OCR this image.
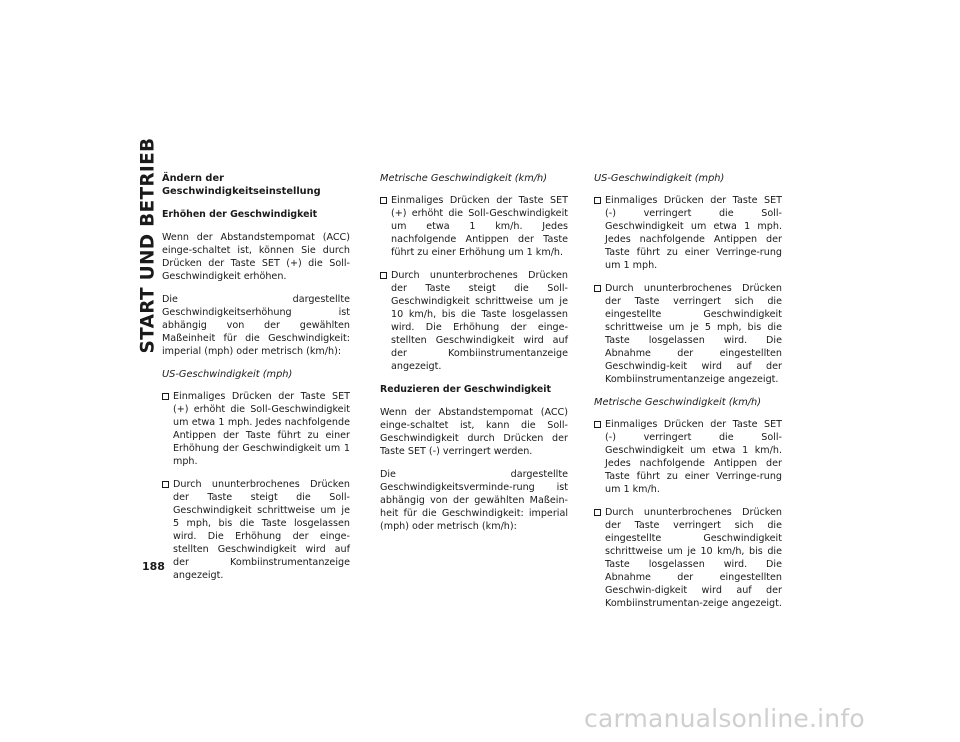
START UND BETRIEB Ändern der Geschwindigkeitseinstellung
Erhöhen der Geschwindigkeit

Wenn der Abstandstempomat (ACC) einge-schaltet ist, können Sie durch Drücken der Taste SET (+) die Soll-Geschwindigkeit erhöhen.

Die dargestellte Geschwindigkeitserhöhung ist abhängig von der gewählten Maßeinheit für die Geschwindigkeit: imperial (mph) oder metrisch (km/h):

US-Geschwindigkeit (mph)
Einmaliges Drücken der Taste SET (+) erhöht die Soll-Geschwindigkeit um etwa 1 mph. Jedes nachfolgende Antippen der Taste führt zu einer Erhöhung der Geschwindigkeit um 1 mph.
Durch ununterbrochenes Drücken der Taste steigt die Soll-Geschwindigkeit schrittweise um je 5 mph, bis die Taste losgelassen wird. Die Erhöhung der einge-stellten Geschwindigkeit wird auf der Kombiinstrumentanzeige angezeigt.
Metrische Geschwindigkeit (km/h)
Einmaliges Drücken der Taste SET (+) erhöht die Soll-Geschwindigkeit um etwa 1 km/h. Jedes nachfolgende Antippen der Taste führt zu einer Erhöhung um 1 km/h.
Durch ununterbrochenes Drücken der Taste steigt die Soll-Geschwindigkeit schrittweise um je 10 km/h, bis die Taste losgelassen wird. Die Erhöhung der einge-stellten Geschwindigkeit wird auf der Kombiinstrumentanzeige angezeigt.
Reduzieren der Geschwindigkeit

Wenn der Abstandstempomat (ACC) einge-schaltet ist, kann die Soll-Geschwindigkeit durch Drücken der Taste SET (-) verringert werden.

Die dargestellte Geschwindigkeitsverminde-rung ist abhängig von der gewählten Maßein-heit für die Geschwindigkeit: imperial (mph) oder metrisch (km/h):

US-Geschwindigkeit (mph)
Einmaliges Drücken der Taste SET (-) verringert die Soll-Geschwindigkeit um etwa 1 mph. Jedes nachfolgende Antippen der Taste führt zu einer Verringe-rung um 1 mph.
Durch ununterbrochenes Drücken der Taste verringert sich die eingestellte Geschwindigkeit schrittweise um je 5 mph, bis die Taste losgelassen wird. Die Abnahme der eingestellten Geschwindig-keit wird auf der Kombiinstrumentanzeige angezeigt.
Metrische Geschwindigkeit (km/h)
Einmaliges Drücken der Taste SET (-) verringert die Soll-Geschwindigkeit um etwa 1 km/h. Jedes nachfolgende Antippen der Taste führt zu einer Verringe-rung um 1 km/h.
Durch ununterbrochenes Drücken der Taste verringert sich die eingestellte Geschwindigkeit schrittweise um je 10 km/h, bis die Taste losgelassen wird. Die Abnahme der eingestellten Geschwin-digkeit wird auf der Kombiinstrumentan-zeige angezeigt.
188
carmanualsonline.info
